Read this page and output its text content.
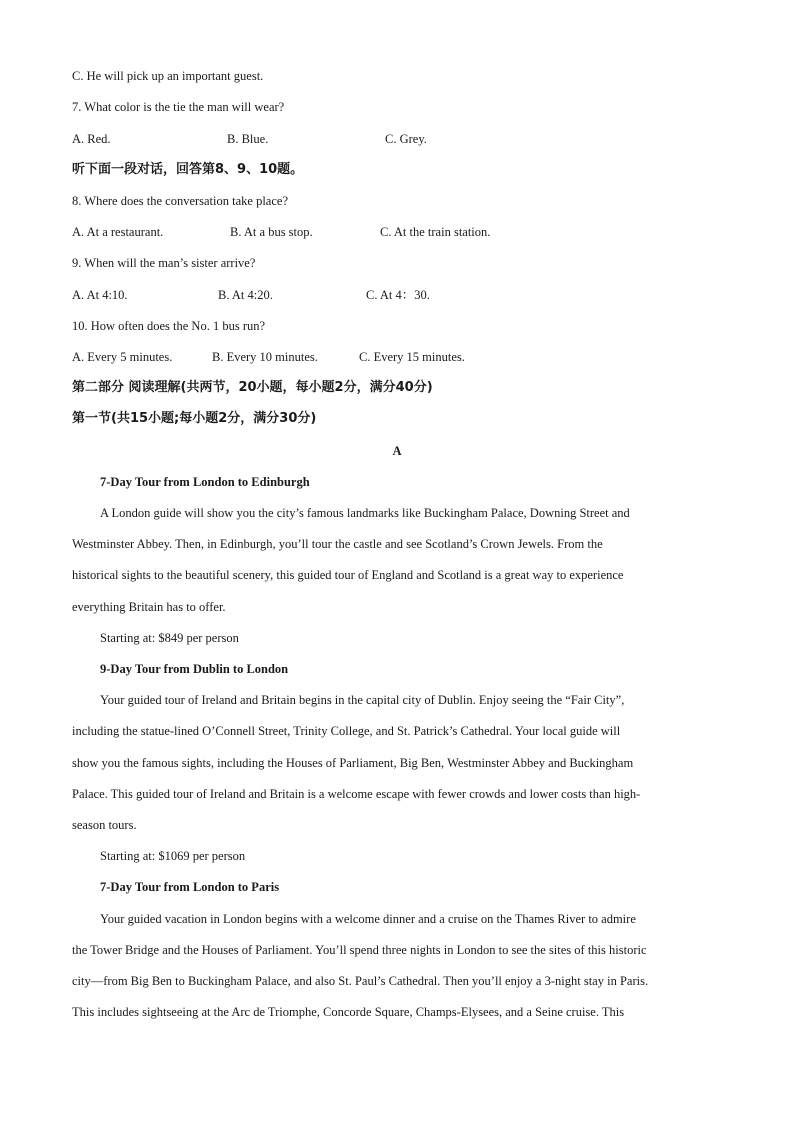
C. He will pick up an important guest.
7. What color is the tie the man will wear?
A. Red.	B. Blue.	C. Grey.
听下面一段对话，回答第8、9、10题。
8. Where does the conversation take place?
A. At a restaurant.	B. At a bus stop.	C. At the train station.
9. When will the man’s sister arrive?
A. At 4:10.	B. At 4:20.	C. At 4：30.
10. How often does the No. 1 bus run?
A. Every 5 minutes.	B. Every 10 minutes.	C. Every 15 minutes.
第二部分 阅读理解(共两节，20小题，每小题2分，满分40分)
第一节(共15小题;每小题2分，满分30分)
A
7-Day Tour from London to Edinburgh
A London guide will show you the city’s famous landmarks like Buckingham Palace, Downing Street and
Westminster Abbey. Then, in Edinburgh, you’ll tour the castle and see Scotland’s Crown Jewels. From the
historical sights to the beautiful scenery, this guided tour of England and Scotland is a great way to experience
everything Britain has to offer.
Starting at: $849 per person
9-Day Tour from Dublin to London
Your guided tour of Ireland and Britain begins in the capital city of Dublin. Enjoy seeing the “Fair City”,
including the statue-lined O’Connell Street, Trinity College, and St. Patrick’s Cathedral. Your local guide will
show you the famous sights, including the Houses of Parliament, Big Ben, Westminster Abbey and Buckingham
Palace. This guided tour of Ireland and Britain is a welcome escape with fewer crowds and lower costs than high-
season tours.
Starting at: $1069 per person
7-Day Tour from London to Paris
Your guided vacation in London begins with a welcome dinner and a cruise on the Thames River to admire
the Tower Bridge and the Houses of Parliament. You’ll spend three nights in London to see the sites of this historic
city—from Big Ben to Buckingham Palace, and also St. Paul’s Cathedral. Then you’ll enjoy a 3-night stay in Paris.
This includes sightseeing at the Arc de Triomphe, Concorde Square, Champs-Elysees, and a Seine cruise. This
